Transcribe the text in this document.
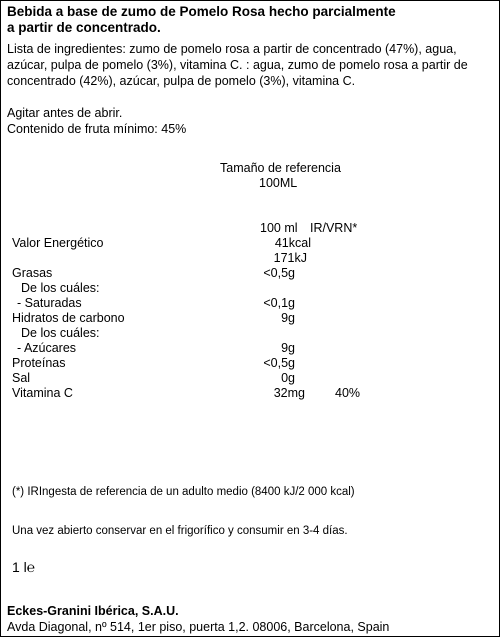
Bebida a base de zumo de Pomelo Rosa hecho parcialmente
a partir de concentrado.
Lista de ingredientes: zumo de pomelo rosa a partir de concentrado (47%), agua,
azúcar, pulpa de pomelo (3%), vitamina C. : agua, zumo de pomelo rosa a partir de
concentrado (42%), azúcar, pulpa de pomelo (3%), vitamina C.
Agitar antes de abrir.
Contenido de fruta mínimo: 45%
Tamaño de referencia
100ML
100 ml IR/VRN*
Valor Energético	41kcal
171kJ
Grasas	<0,5g
De los cuáles:
- Saturadas	<0,1g
Hidratos de carbono	9g
De los cuáles:
- Azúcares	9g
Proteínas	<0,5g
Sal	0g
Vitamina C	32mg 40%
(*) IRIngesta de referencia de un adulto medio (8400 kJ/2 000 kcal)
Una vez abierto conservar en el frigorífico y consumir en 3-4 días.
1 l℮
Eckes-Granini Ibérica, S.A.U.
Avda Diagonal, nº 514, 1er piso, puerta 1,2. 08006, Barcelona, Spain
